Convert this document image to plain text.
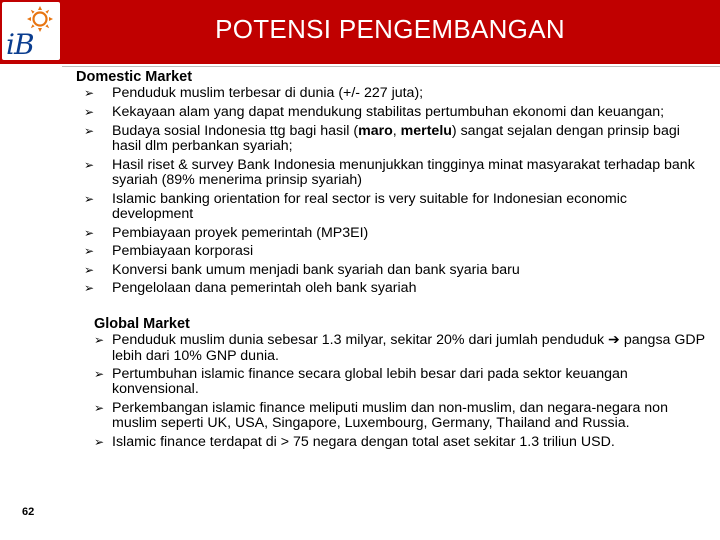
iB	POTENSI PENGEMBANGAN

Domestic Market

➢ Penduduk muslim terbesar di dunia (+/- 227 juta);
➢ Kekayaan alam yang dapat mendukung stabilitas pertumbuhan ekonomi dan keuangan;
➢ Budaya sosial Indonesia ttg bagi hasil (maro, mertelu) sangat sejalan dengan prinsip bagi hasil dlm perbankan syariah;
➢ Hasil riset & survey Bank Indonesia menunjukkan tingginya minat masyarakat terhadap bank syariah (89% menerima prinsip syariah)
➢ Islamic banking orientation for real sector is very suitable for Indonesian economic development
➢ Pembiayaan proyek pemerintah (MP3EI)
➢ Pembiayaan korporasi
➢ Konversi bank umum menjadi bank syariah dan bank syaria baru
➢ Pengelolaan dana pemerintah oleh bank syariah

Global Market

➢ Penduduk muslim dunia sebesar 1.3 milyar, sekitar 20% dari jumlah penduduk ➔ pangsa GDP lebih dari 10% GNP dunia.
➢ Pertumbuhan islamic finance secara global lebih besar dari pada sektor keuangan konvensional.
➢ Perkembangan islamic finance meliputi muslim dan non-muslim, dan negara-negara non muslim seperti UK, USA, Singapore, Luxembourg, Germany, Thailand and Russia.
➢ Islamic finance terdapat di > 75 negara dengan total aset sekitar 1.3 triliun USD.
62
